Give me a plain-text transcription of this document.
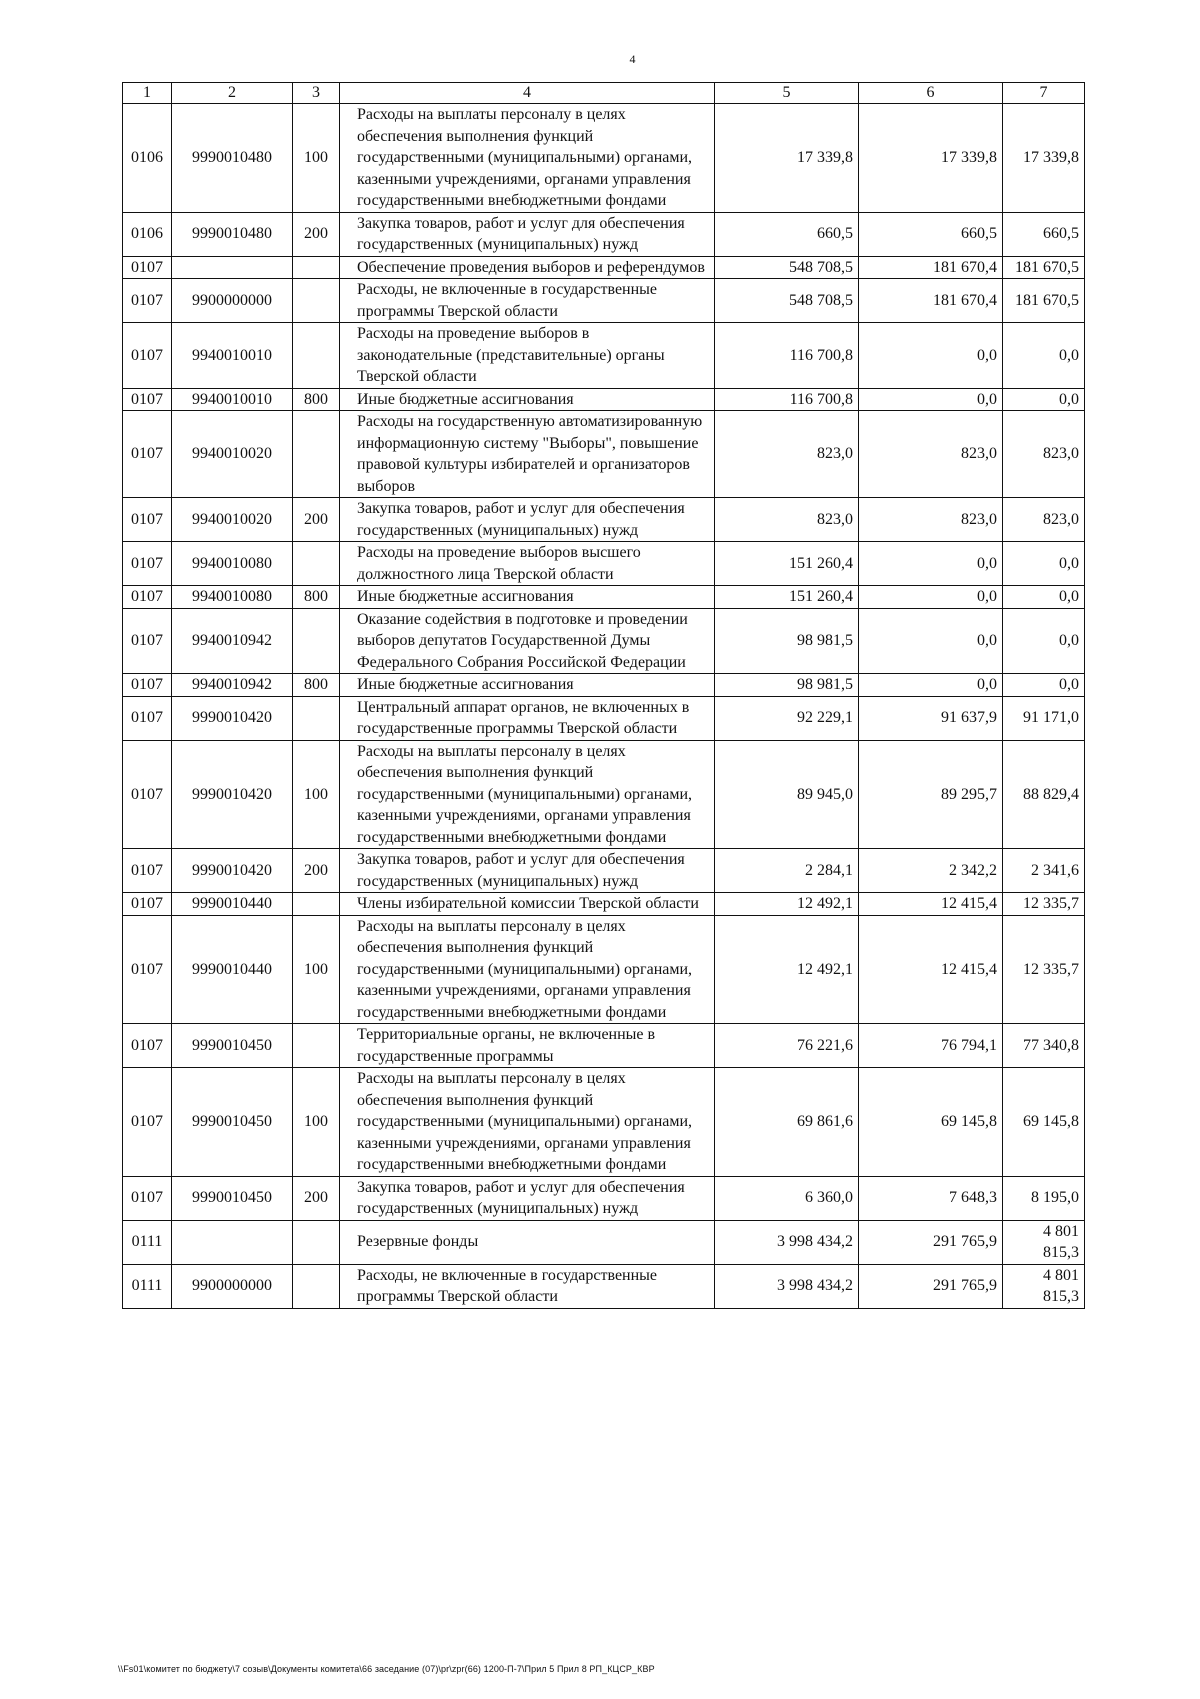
4
1	2	3	4	5	6	7
0106	9990010480	100	Расходы на выплаты персоналу в целях обеспечения выполнения функций государственными (муниципальными) органами, казенными учреждениями, органами управления государственными внебюджетными фондами	17 339,8	17 339,8	17 339,8
0106	9990010480	200	Закупка товаров, работ и услуг для обеспечения государственных (муниципальных) нужд	660,5	660,5	660,5
0107			Обеспечение проведения выборов и референдумов	548 708,5	181 670,4	181 670,5
0107	9900000000		Расходы, не включенные в государственные программы Тверской области	548 708,5	181 670,4	181 670,5
0107	9940010010		Расходы на проведение выборов в законодательные (представительные) органы Тверской области	116 700,8	0,0	0,0
0107	9940010010	800	Иные бюджетные ассигнования	116 700,8	0,0	0,0
0107	9940010020		Расходы на государственную автоматизированную информационную систему "Выборы", повышение правовой культуры избирателей и организаторов выборов	823,0	823,0	823,0
0107	9940010020	200	Закупка товаров, работ и услуг для обеспечения государственных (муниципальных) нужд	823,0	823,0	823,0
0107	9940010080		Расходы на проведение выборов высшего должностного лица Тверской области	151 260,4	0,0	0,0
0107	9940010080	800	Иные бюджетные ассигнования	151 260,4	0,0	0,0
0107	9940010942		Оказание содействия в подготовке и проведении выборов депутатов Государственной Думы Федерального Собрания Российской Федерации	98 981,5	0,0	0,0
0107	9940010942	800	Иные бюджетные ассигнования	98 981,5	0,0	0,0
0107	9990010420		Центральный аппарат органов, не включенных в государственные программы Тверской области	92 229,1	91 637,9	91 171,0
0107	9990010420	100	Расходы на выплаты персоналу в целях обеспечения выполнения функций государственными (муниципальными) органами, казенными учреждениями, органами управления государственными внебюджетными фондами	89 945,0	89 295,7	88 829,4
0107	9990010420	200	Закупка товаров, работ и услуг для обеспечения государственных (муниципальных) нужд	2 284,1	2 342,2	2 341,6
0107	9990010440		Члены избирательной комиссии Тверской области	12 492,1	12 415,4	12 335,7
0107	9990010440	100	Расходы на выплаты персоналу в целях обеспечения выполнения функций государственными (муниципальными) органами, казенными учреждениями, органами управления государственными внебюджетными фондами	12 492,1	12 415,4	12 335,7
0107	9990010450		Территориальные органы, не включенные в государственные программы	76 221,6	76 794,1	77 340,8
0107	9990010450	100	Расходы на выплаты персоналу в целях обеспечения выполнения функций государственными (муниципальными) органами, казенными учреждениями, органами управления государственными внебюджетными фондами	69 861,6	69 145,8	69 145,8
0107	9990010450	200	Закупка товаров, работ и услуг для обеспечения государственных (муниципальных) нужд	6 360,0	7 648,3	8 195,0
0111			Резервные фонды	3 998 434,2	291 765,9	4 801 815,3
0111	9900000000		Расходы, не включенные в государственные программы Тверской области	3 998 434,2	291 765,9	4 801 815,3
\\Fs01\комитет по бюджету\7 созыв\Документы комитета\66 заседание (07)\pr\zpr(66) 1200-П-7\Прил 5 Прил 8 РП_КЦСР_КВР
